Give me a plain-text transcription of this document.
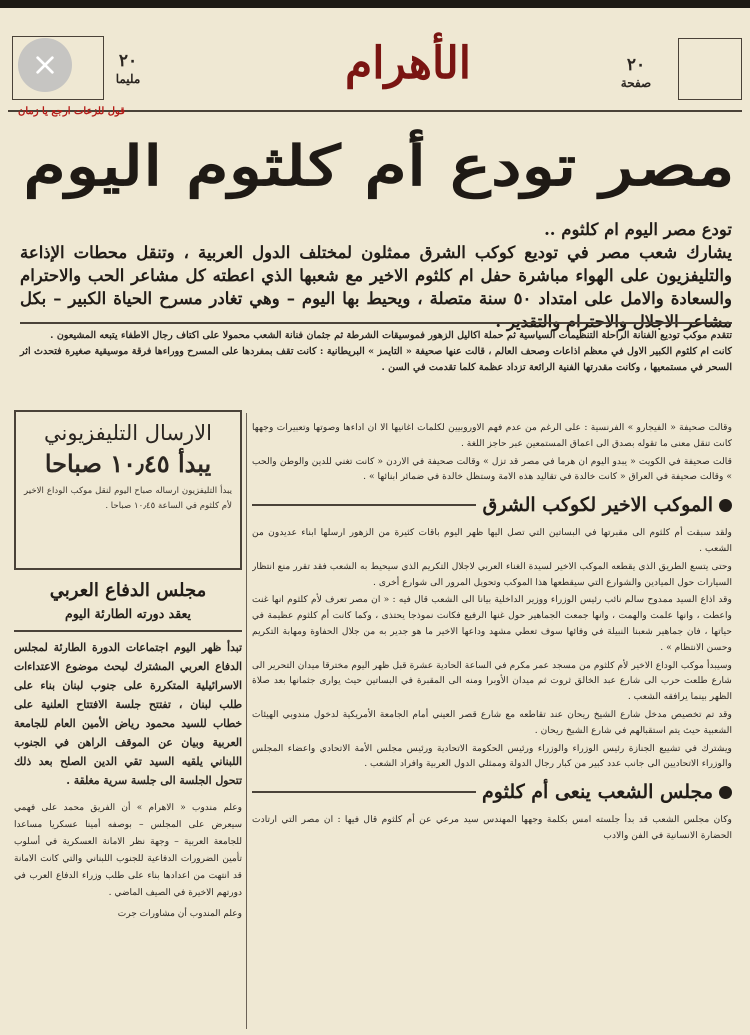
٢٠
صفحة
الأهرام
٢٠
مليما
قول للزعات ارجع يا زمان
مصر تودع أم كلثوم اليوم

تودع مصر اليوم ام كلثوم ..

يشارك شعب مصر في توديع كوكب الشرق ممثلون لمختلف الدول العربية ، وتنقل محطات الإذاعة والتليفزيون على الهواء مباشرة حفل ام كلثوم الاخير مع شعبها الذي اعطته كل مشاعر الحب والاحترام والسعادة والامل على امتداد ٥٠ سنة متصلة ، ويحيط بها اليوم – وهي تغادر مسرح الحياة الكبير – بكل

تتقدم موكب توديع الفنانة الراحلة التنظيمات السياسية ثم حملة اكاليل الزهور فموسيقات الشرطة ثم جثمان فنانة الشعب محمولا على اكتاف رجال الاطفاء يتبعه المشيعون .

كانت ام كلثوم الكبير الاول في معظم اذاعات وصحف العالم ، قالت عنها صحيفة « التايمز » البريطانية : كانت تقف بمفردها على المسرح ووراءها فرقة موسيقية صغيرة فتحدث اثر السحر في مستمعيها ، وكانت مقدرتها الفنية الرائعة تزداد عظمة كلما تقدمت في السن .

وقالت صحيفة « الفيجارو » الفرنسية : على الرغم من عدم فهم الاوروبيين لكلمات اغانيها الا ان اداءها وصوتها وتعبيرات وجهها كانت تنقل معنى ما تقوله بصدق الى اعماق المستمعين عبر حاجز اللغة .

قالت صحيفة في الكويت « يبدو اليوم ان هرما في مصر قد تزل » وقالت صحيفة في الاردن « كانت تغني للدين والوطن والحب » وقالت صحيفة في العراق « كانت خالدة في تقاليد هذه الامة وستظل خالدة في ضمائر ابنائها » .

الموكب الاخير لكوكب الشرق

ولقد سبقت أم كلثوم الى مقبرتها في البساتين التي تصل اليها ظهر اليوم باقات كثيرة من الزهور ارسلها ابناء عديدون من الشعب .

وحتى يتسع الطريق الذي يقطعه الموكب الاخير لسيدة الغناء العربي لاجلال التكريم الذي سيحيط به الشعب فقد تقرر منع انتظار السيارات حول الميادين والشوارع التي سيقطعها هذا الموكب وتحويل المرور الى شوارع أخرى .

وقد اذاع السيد ممدوح سالم نائب رئيس الوزراء ووزير الداخلية بيانا الى الشعب قال فيه : « ان مصر تعرف لأم كلثوم انها غنت واعطت ، وانها علمت والهمت ، وانها جمعت الجماهير حول غنها الرفيع فكانت نموذجا يحتذى ، وكما كانت أم كلثوم عظيمة في حياتها ، فان جماهير شعبنا النبيلة في وفائها سوف تعطي مشهد وداعها الاخير ما هو جدير به من جلال الحفاوة ومهابة التكريم وحسن الانتظام » .

وسيبدأ موكب الوداع الاخير لأم كلثوم من مسجد عمر مكرم في الساعة الحادية عشرة قبل ظهر اليوم مخترقا ميدان التحرير الى شارع طلعت حرب الى شارع عبد الخالق ثروت ثم ميدان الأوبرا ومنه الى المقبرة في البساتين حيث يوارى جثمانها بعد صلاة الظهر بينما يرافقه الشعب .

وقد تم تخصيص مدخل شارع الشيخ ريحان عند تقاطعه مع شارع قصر العيني أمام الجامعة الأمريكية لدخول مندوبي الهيئات الشعبية حيث يتم استقبالهم في شارع الشيخ ريحان .

ويشترك في تشييع الجنازة رئيس الوزراء والوزراء ورئيس الحكومة الاتحادية ورئيس مجلس الأمة الاتحادي واعضاء المجلس والوزراء الاتحاديين الى جانب عدد كبير من كبار رجال الدولة وممثلي الدول العربية وافراد الشعب .

مجلس الشعب ينعى أم كلثوم

وكان مجلس الشعب قد بدأ جلسته امس بكلمة وجهها المهندس سيد مرعي عن أم كلثوم قال فيها : ان مصر التي ارتادت الحضارة الانسانية في الفن والادب

الارسال التليفزيوني
يبدأ ١٠٫٤٥ صباحا
يبدأ التليفزيون ارساله صباح اليوم لنقل موكب الوداع الاخير لأم كلثوم في الساعة ١٠٫٤٥ صباحا .
مجلس الدفاع العربي
يعقد دورته الطارئة اليوم
تبدأ ظهر اليوم اجتماعات الدورة الطارئة لمجلس الدفاع العربي المشترك لبحث موضوع الاعتداءات الاسرائيلية المتكررة على جنوب لبنان بناء على طلب لبنان ، تفتتح جلسة الافتتاح العلنية على خطاب للسيد محمود رياض الأمين العام للجامعة العربية وبيان عن الموقف الراهن في الجنوب اللبناني يلقيه السيد تقي الدين الصلح بعد ذلك تتحول الجلسة الى جلسة سرية مغلقة .

وعلم مندوب « الاهرام » أن الفريق محمد على فهمي سيعرض على المجلس – بوصفه أمينا عسكريا مساعدا للجامعة العربية – وجهة نظر الامانة العسكرية في أسلوب تأمين الضرورات الدفاعية للجنوب اللبناني والتي كانت الامانة قد انتهت من اعدادها بناء على طلب وزراء الدفاع العرب في دورتهم الاخيرة في الصيف الماضي .

وعلم المندوب أن مشاورات جرت
